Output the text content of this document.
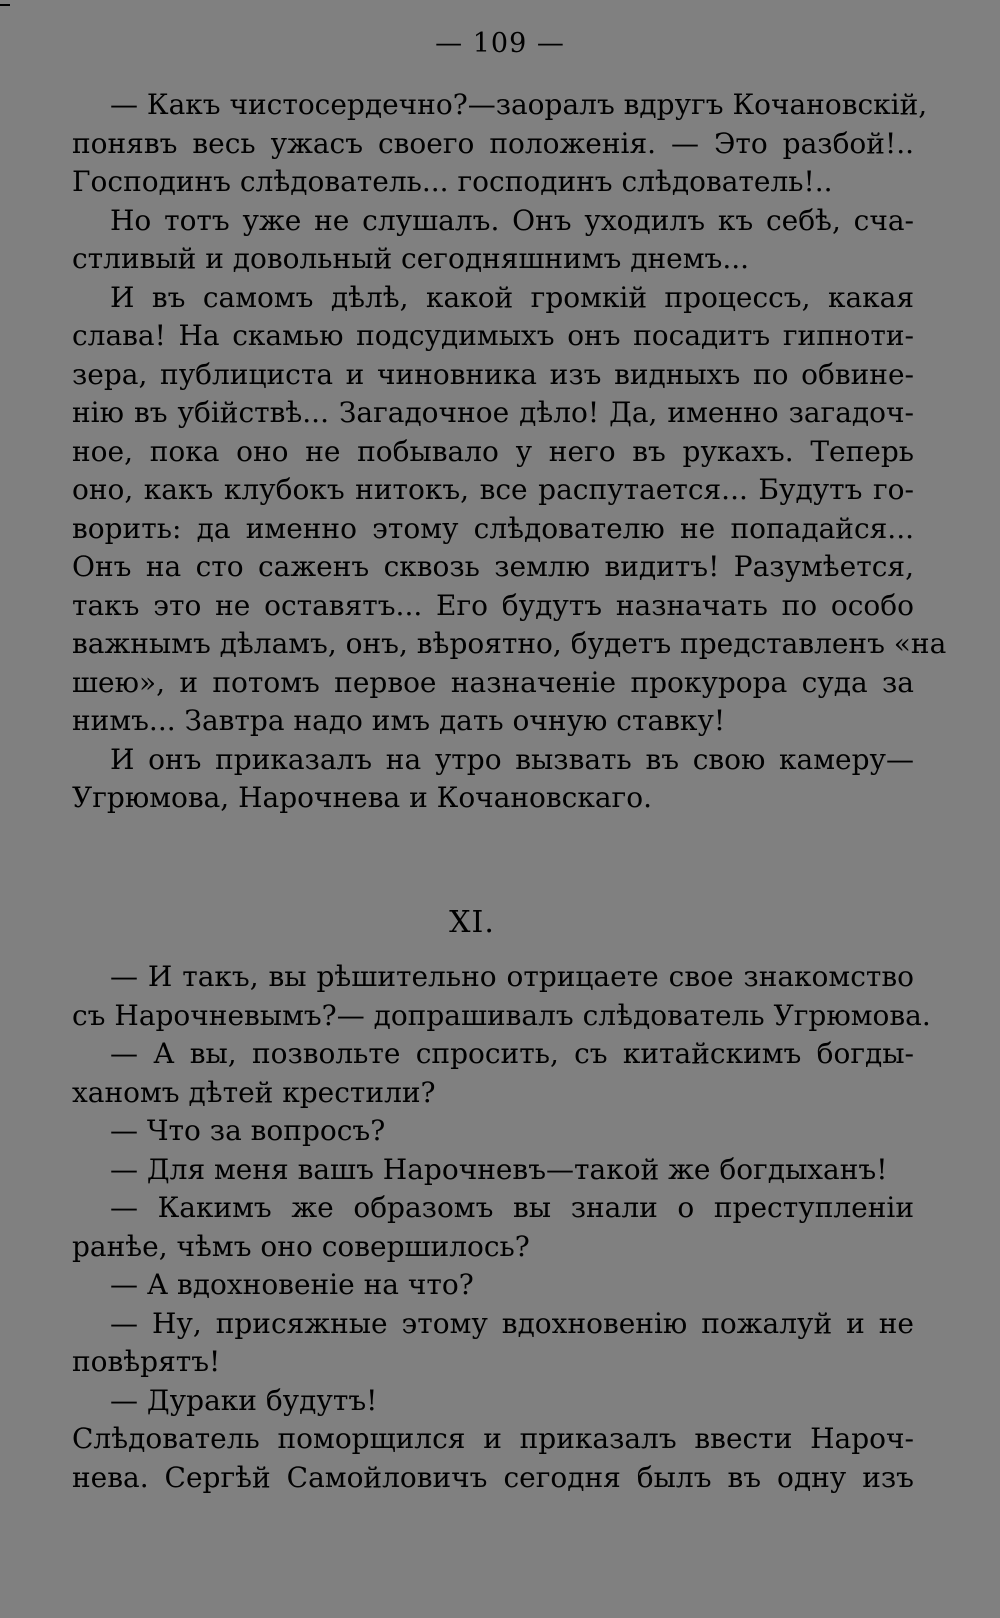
— 109 —
— Какъ чистосердечно?—заоралъ вдругъ Кочановскій,
понявъ весь ужасъ своего положенія. — Это разбой!..
Господинъ слѣдователь... господинъ слѣдователь!..
Но тотъ уже не слушалъ. Онъ уходилъ къ себѣ, сча-
стливый и довольный сегодняшнимъ днемъ...
И въ самомъ дѣлѣ, какой громкій процессъ, какая
слава! На скамью подсудимыхъ онъ посадитъ гипноти-
зера, публициста и чиновника изъ видныхъ по обвине-
нію въ убійствѣ... Загадочное дѣло! Да, именно загадоч-
ное, пока оно не побывало у него въ рукахъ. Теперь
оно, какъ клубокъ нитокъ, все распутается... Будутъ го-
ворить: да именно этому слѣдователю не попадайся...
Онъ на сто саженъ сквозь землю видитъ! Разумѣется,
такъ это не оставятъ... Его будутъ назначать по особо
важнымъ дѣламъ, онъ, вѣроятно, будетъ представленъ «на
шею», и потомъ первое назначеніе прокурора суда за
нимъ... Завтра надо имъ дать очную ставку!
И онъ приказалъ на утро вызвать въ свою камеру—
Угрюмова, Нарочнева и Кочановскаго.
XI.
— И такъ, вы рѣшительно отрицаете свое знакомство
съ Нарочневымъ?— допрашивалъ слѣдователь Угрюмова.
— А вы, позвольте спросить, съ китайскимъ богды-
ханомъ дѣтей крестили?
— Что за вопросъ?
— Для меня вашъ Нарочневъ—такой же богдыханъ!
— Какимъ же образомъ вы знали о преступленіи
ранѣе, чѣмъ оно совершилось?
— А вдохновеніе на что?
— Ну, присяжные этому вдохновенію пожалуй и не
повѣрятъ!
— Дураки будутъ!
Слѣдователь поморщился и приказалъ ввести Нароч-
нева. Сергѣй Самойловичъ сегодня былъ въ одну изъ
